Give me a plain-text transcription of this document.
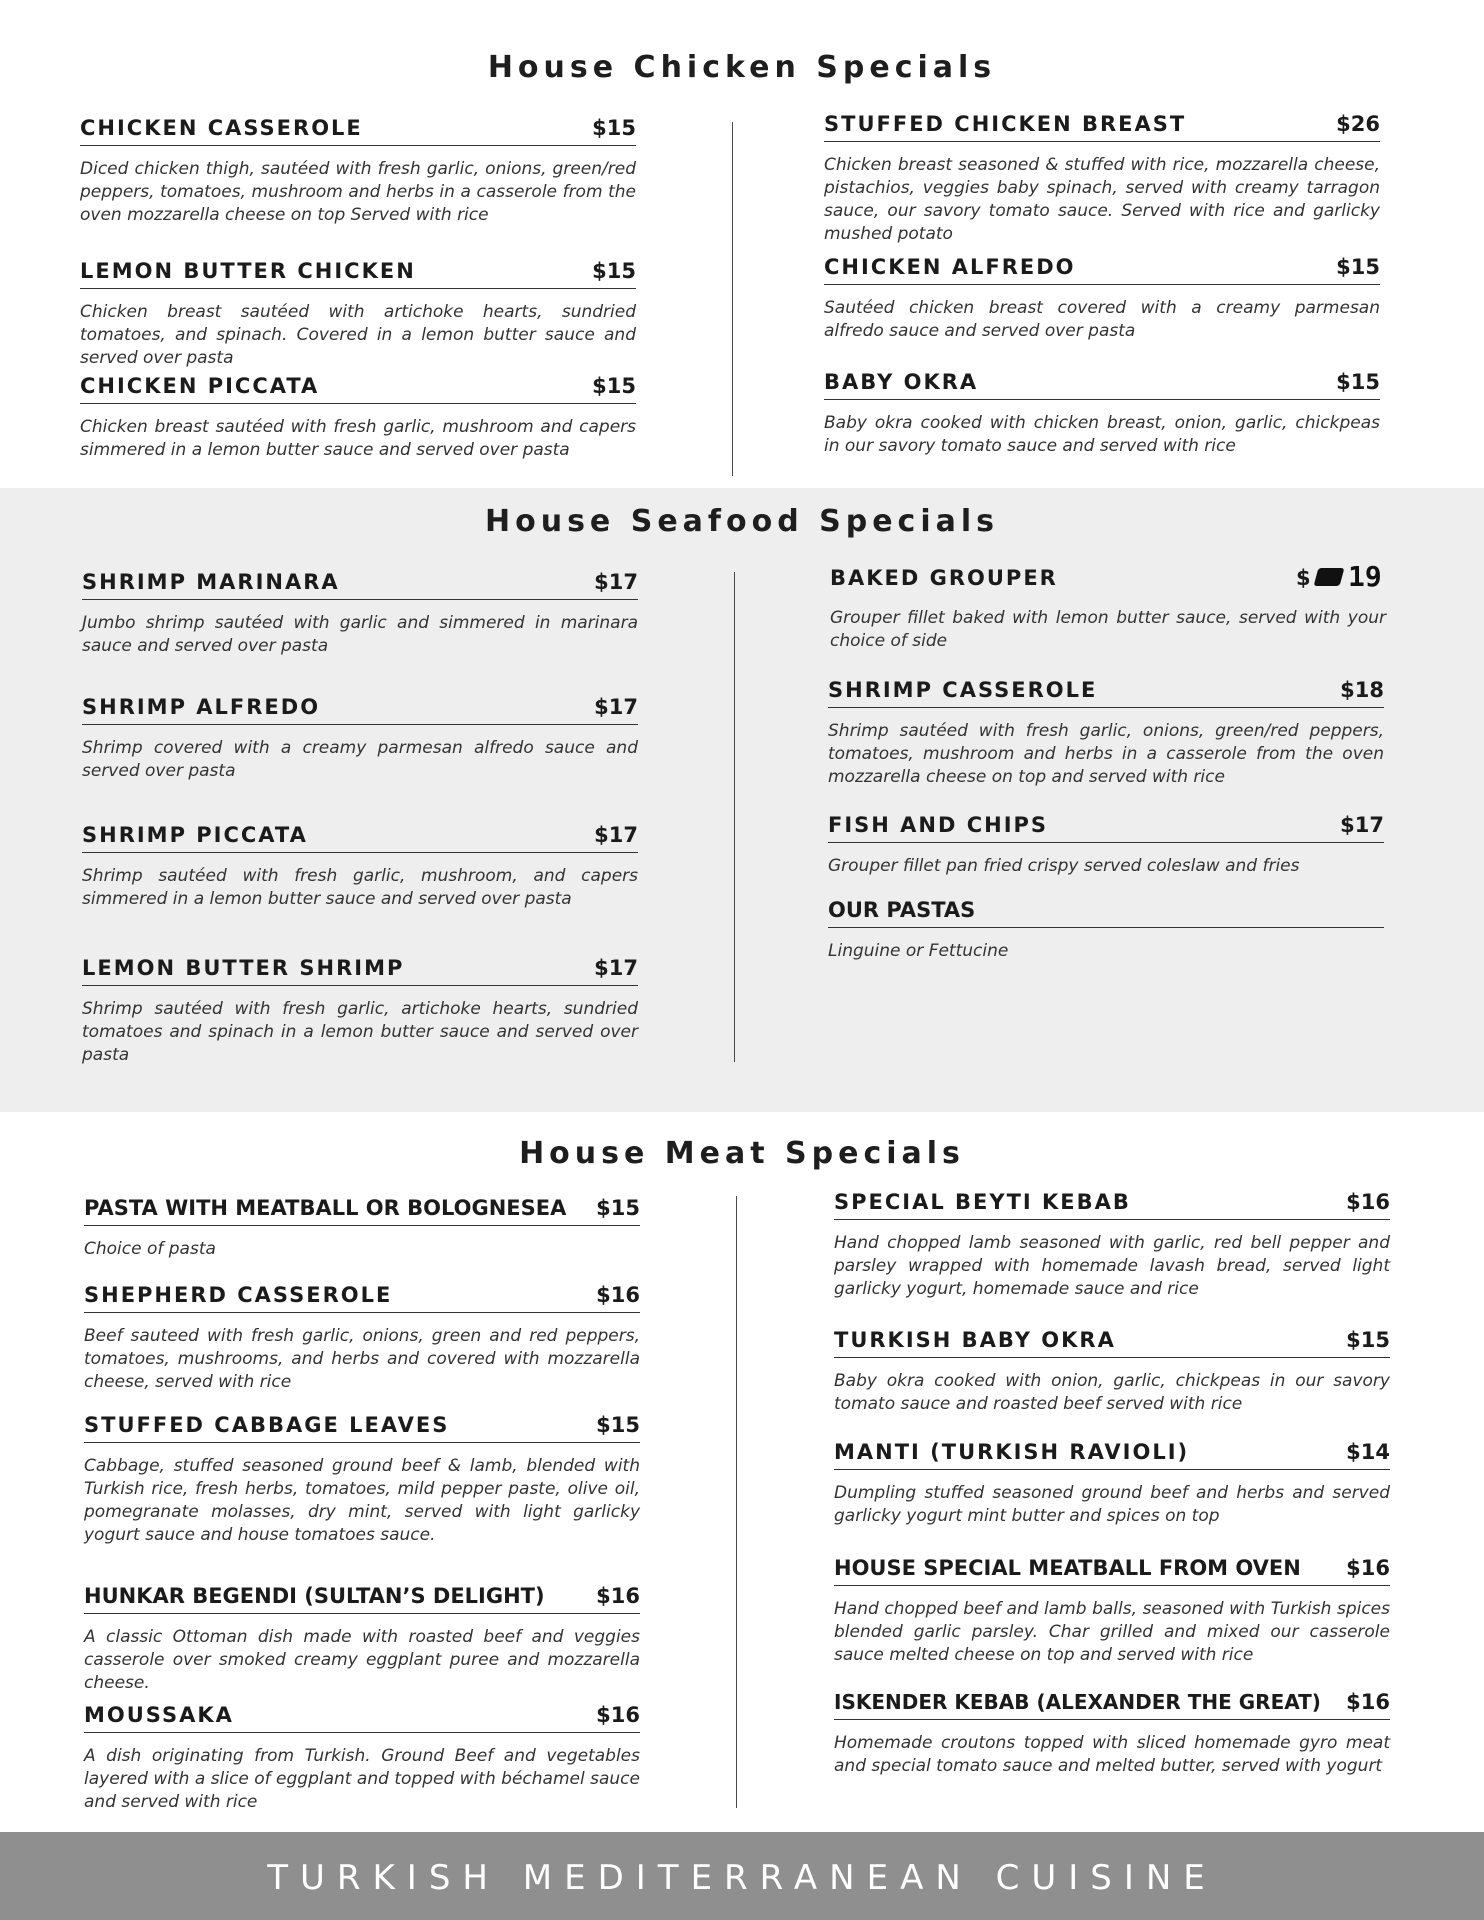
House Chicken Specials
CHICKEN CASSEROLE	$15
Diced chicken thigh, sautéed with fresh garlic, onions, green/red peppers, tomatoes, mushroom and herbs in a casserole from the oven mozzarella cheese on top Served with rice
LEMON BUTTER CHICKEN	$15
Chicken breast sautéed with artichoke hearts, sundried tomatoes, and spinach. Covered in a lemon butter sauce and served over pasta
CHICKEN PICCATA	$15
Chicken breast sautéed with fresh garlic, mushroom and capers simmered in a lemon butter sauce and served over pasta
STUFFED CHICKEN BREAST	$26
Chicken breast seasoned & stuffed with rice, mozzarella cheese, pistachios, veggies baby spinach, served with creamy tarragon sauce, our savory tomato sauce. Served with rice and garlicky mushed potato
CHICKEN ALFREDO	$15
Sautéed chicken breast covered with a creamy parmesan alfredo sauce and served over pasta
BABY OKRA	$15
Baby okra cooked with chicken breast, onion, garlic, chickpeas in our savory tomato sauce and served with rice
House Seafood Specials
SHRIMP MARINARA	$17
Jumbo shrimp sautéed with garlic and simmered in marinara sauce and served over pasta
SHRIMP ALFREDO	$17
Shrimp covered with a creamy parmesan alfredo sauce and served over pasta
SHRIMP PICCATA	$17
Shrimp sautéed with fresh garlic, mushroom, and capers simmered in a lemon butter sauce and served over pasta
LEMON BUTTER SHRIMP	$17
Shrimp sautéed with fresh garlic, artichoke hearts, sundried tomatoes and spinach in a lemon butter sauce and served over pasta
BAKED GROUPER	$ 19
Grouper fillet baked with lemon butter sauce, served with your choice of side
SHRIMP CASSEROLE	$18
Shrimp sautéed with fresh garlic, onions, green/red peppers, tomatoes, mushroom and herbs in a casserole from the oven mozzarella cheese on top and served with rice
FISH AND CHIPS	$17
Grouper fillet pan fried crispy served coleslaw and fries
OUR PASTAS
Linguine or Fettucine
House Meat Specials
PASTA WITH MEATBALL OR BOLOGNESEA $15
Choice of pasta
SHEPHERD CASSEROLE	$16
Beef sauteed with fresh garlic, onions, green and red peppers, tomatoes, mushrooms, and herbs and covered with mozzarella cheese, served with rice
STUFFED CABBAGE LEAVES	$15
Cabbage, stuffed seasoned ground beef & lamb, blended with Turkish rice, fresh herbs, tomatoes, mild pepper paste, olive oil, pomegranate molasses, dry mint, served with light garlicky yogurt sauce and house tomatoes sauce.
HUNKAR BEGENDI (SULTAN’S DELIGHT) $16
A classic Ottoman dish made with roasted beef and veggies casserole over smoked creamy eggplant puree and mozzarella cheese.
MOUSSAKA	$16
A dish originating from Turkish. Ground Beef and vegetables layered with a slice of eggplant and topped with béchamel sauce and served with rice
SPECIAL BEYTI KEBAB	$16
Hand chopped lamb seasoned with garlic, red bell pepper and parsley wrapped with homemade lavash bread, served light garlicky yogurt, homemade sauce and rice
TURKISH BABY OKRA	$15
Baby okra cooked with onion, garlic, chickpeas in our savory tomato sauce and roasted beef served with rice
MANTI (TURKISH RAVIOLI)	$14
Dumpling stuffed seasoned ground beef and herbs and served garlicky yogurt mint butter and spices on top
HOUSE SPECIAL MEATBALL FROM OVEN $16
Hand chopped beef and lamb balls, seasoned with Turkish spices blended garlic parsley. Char grilled and mixed our casserole sauce melted cheese on top and served with rice
ISKENDER KEBAB (ALEXANDER THE GREAT) $16
Homemade croutons topped with sliced homemade gyro meat and special tomato sauce and melted butter, served with yogurt
TURKISH MEDITERRANEAN CUISINE
